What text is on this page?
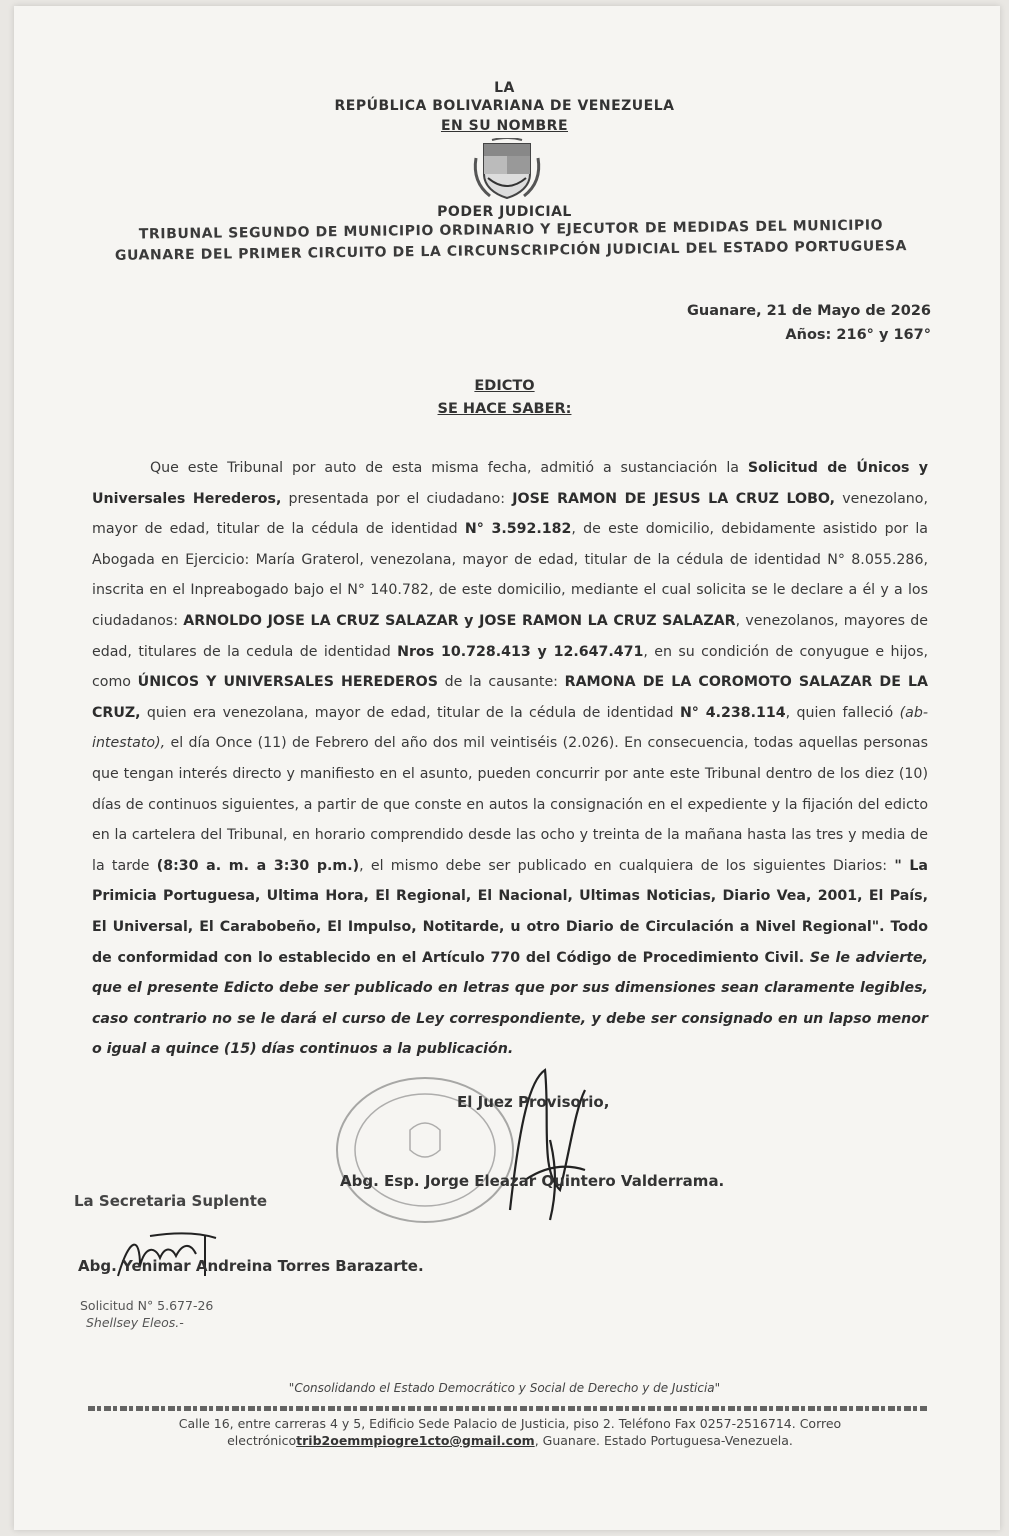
LA
REPÚBLICA BOLIVARIANA DE VENEZUELA
EN SU NOMBRE
PODER JUDICIAL
TRIBUNAL SEGUNDO DE MUNICIPIO ORDINARIO Y EJECUTOR DE MEDIDAS DEL MUNICIPIO
GUANARE DEL PRIMER CIRCUITO DE LA CIRCUNSCRIPCIÓN JUDICIAL DEL ESTADO PORTUGUESA
Guanare, 21 de Mayo de 2026
Años: 216° y 167°
EDICTO
SE HACE SABER:
Que este Tribunal por auto de esta misma fecha, admitió a sustanciación la Solicitud de Únicos y Universales Herederos, presentada por el ciudadano: JOSE RAMON DE JESUS LA CRUZ LOBO, venezolano, mayor de edad, titular de la cédula de identidad N° 3.592.182, de este domicilio, debidamente asistido por la Abogada en Ejercicio: María Graterol, venezolana, mayor de edad, titular de la cédula de identidad N° 8.055.286, inscrita en el Inpreabogado bajo el N° 140.782, de este domicilio, mediante el cual solicita se le declare a él y a los ciudadanos: ARNOLDO JOSE LA CRUZ SALAZAR y JOSE RAMON LA CRUZ SALAZAR, venezolanos, mayores de edad, titulares de la cedula de identidad Nros 10.728.413 y 12.647.471, en su condición de conyugue e hijos, como ÚNICOS Y UNIVERSALES HEREDEROS de la causante: RAMONA DE LA COROMOTO SALAZAR DE LA CRUZ, quien era venezolana, mayor de edad, titular de la cédula de identidad N° 4.238.114, quien falleció (ab-intestato), el día Once (11) de Febrero del año dos mil veintiséis (2.026). En consecuencia, todas aquellas personas que tengan interés directo y manifiesto en el asunto, pueden concurrir por ante este Tribunal dentro de los diez (10) días de continuos siguientes, a partir de que conste en autos la consignación en el expediente y la fijación del edicto en la cartelera del Tribunal, en horario comprendido desde las ocho y treinta de la mañana hasta las tres y media de la tarde (8:30 a. m. a 3:30 p.m.), el mismo debe ser publicado en cualquiera de los siguientes Diarios: " La Primicia Portuguesa, Ultima Hora, El Regional, El Nacional, Ultimas Noticias, Diario Vea, 2001, El País, El Universal, El Carabobeño, El Impulso, Notitarde, u otro Diario de Circulación a Nivel Regional". Todo de conformidad con lo establecido en el Artículo 770 del Código de Procedimiento Civil. Se le advierte, que el presente Edicto debe ser publicado en letras que por sus dimensiones sean claramente legibles, caso contrario no se le dará el curso de Ley correspondiente, y debe ser consignado en un lapso menor o igual a quince (15) días continuos a la publicación.
El Juez Provisorio,
Abg. Esp. Jorge Eleazar Quintero Valderrama.
La Secretaria Suplente
Abg. Yenimar Andreina Torres Barazarte.
Solicitud N° 5.677-26
Shellsey Eleos.-
"Consolidando el Estado Democrático y Social de Derecho y de Justicia"
Calle 16, entre carreras 4 y 5, Edificio Sede Palacio de Justicia, piso 2. Teléfono Fax 0257-2516714. Correo
electrónicotrib2oemmpiogre1cto@gmail.com, Guanare. Estado Portuguesa-Venezuela.
